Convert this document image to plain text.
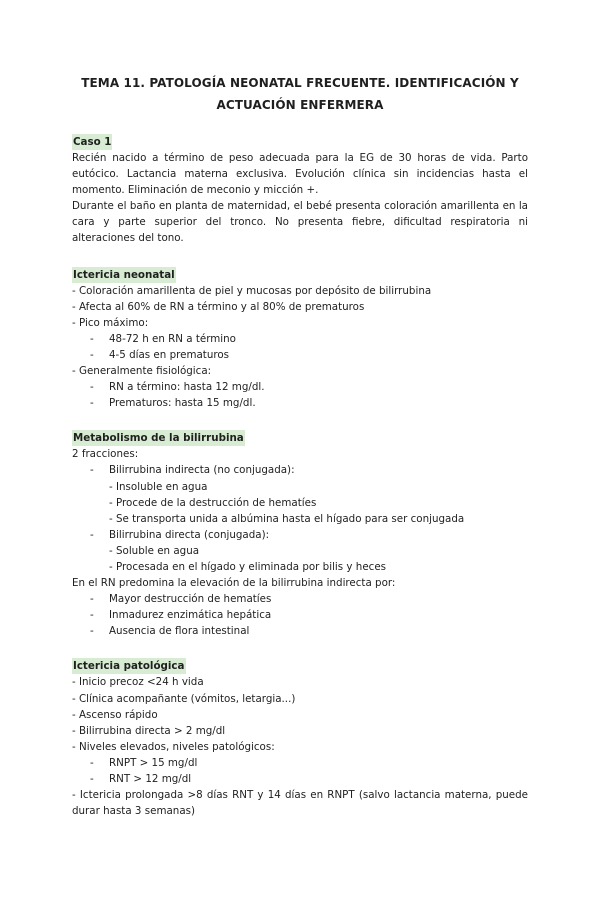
TEMA 11. PATOLOGÍA NEONATAL FRECUENTE. IDENTIFICACIÓN Y
ACTUACIÓN ENFERMERA
Caso 1

Recién nacido a término de peso adecuada para la EG de 30 horas de vida. Parto eutócico. Lactancia materna exclusiva. Evolución clínica sin incidencias hasta el momento. Eliminación de meconio y micción +.

Durante el baño en planta de maternidad, el bebé presenta coloración amarillenta en la cara y parte superior del tronco. No presenta fiebre, dificultad respiratoria ni alteraciones del tono.

Ictericia neonatal
- Coloración amarillenta de piel y mucosas por depósito de bilirrubina
- Afecta al 60% de RN a término y al 80% de prematuros
- Pico máximo:
- 48-72 h en RN a término
- 4-5 días en prematuros
- Generalmente fisiológica:
- RN a término: hasta 12 mg/dl.
- Prematuros: hasta 15 mg/dl.
Metabolismo de la bilirrubina
2 fracciones:
- Bilirrubina indirecta (no conjugada):
- Insoluble en agua
- Procede de la destrucción de hematíes
- Se transporta unida a albúmina hasta el hígado para ser conjugada
- Bilirrubina directa (conjugada):
- Soluble en agua
- Procesada en el hígado y eliminada por bilis y heces
En el RN predomina la elevación de la bilirrubina indirecta por:
- Mayor destrucción de hematíes
- Inmadurez enzimática hepática
- Ausencia de flora intestinal
Ictericia patológica
- Inicio precoz <24 h vida
- Clínica acompañante (vómitos, letargia...)
- Ascenso rápido
- Bilirrubina directa > 2 mg/dl
- Niveles elevados, niveles patológicos:
- RNPT > 15 mg/dl
- RNT > 12 mg/dl

- Ictericia prolongada >8 días RNT y 14 días en RNPT (salvo lactancia materna, puede durar hasta 3 semanas)
